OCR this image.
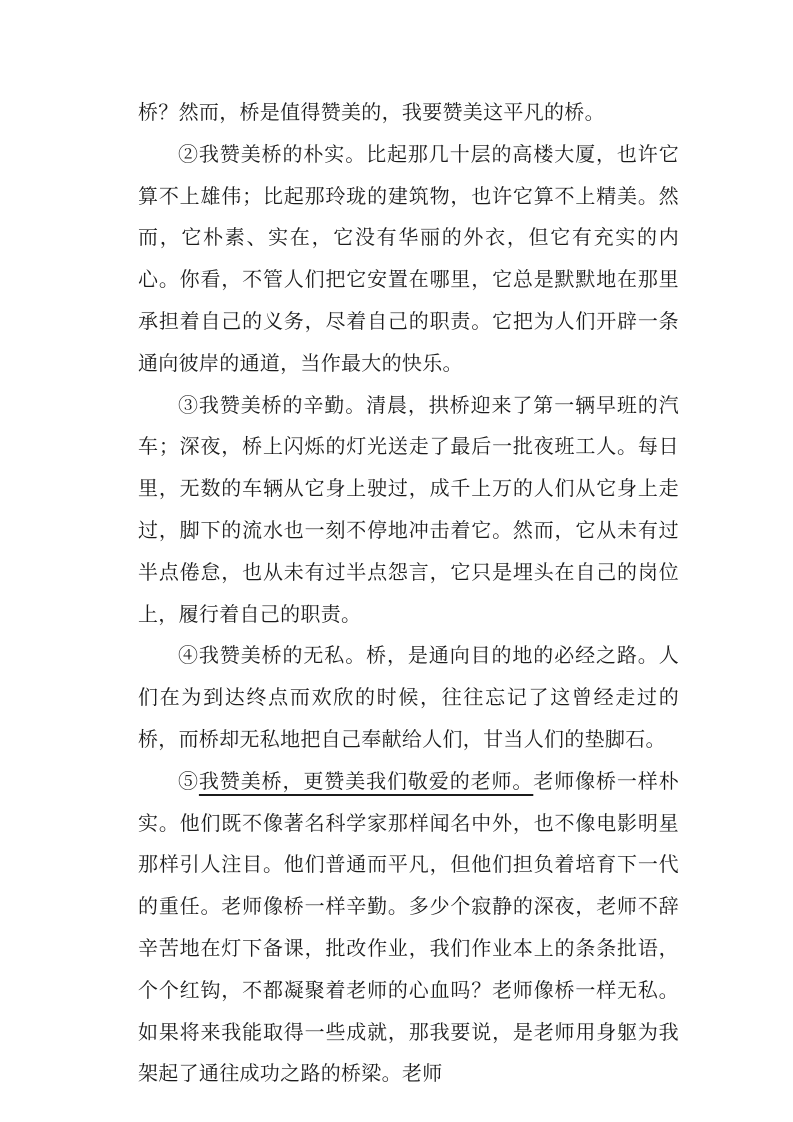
桥？然而，桥是值得赞美的，我要赞美这平凡的桥。

②我赞美桥的朴实。比起那几十层的高楼大厦，也许它算不上雄伟；比起那玲珑的建筑物，也许它算不上精美。然而，它朴素、实在，它没有华丽的外衣，但它有充实的内心。你看，不管人们把它安置在哪里，它总是默默地在那里承担着自己的义务，尽着自己的职责。它把为人们开辟一条通向彼岸的通道，当作最大的快乐。

③我赞美桥的辛勤。清晨，拱桥迎来了第一辆早班的汽车；深夜，桥上闪烁的灯光送走了最后一批夜班工人。每日里，无数的车辆从它身上驶过，成千上万的人们从它身上走过，脚下的流水也一刻不停地冲击着它。然而，它从未有过半点倦怠，也从未有过半点怨言，它只是埋头在自己的岗位上，履行着自己的职责。

④我赞美桥的无私。桥，是通向目的地的必经之路。人们在为到达终点而欢欣的时候，往往忘记了这曾经走过的桥，而桥却无私地把自己奉献给人们，甘当人们的垫脚石。

⑤我赞美桥，更赞美我们敬爱的老师。老师像桥一样朴实。他们既不像著名科学家那样闻名中外，也不像电影明星那样引人注目。他们普通而平凡，但他们担负着培育下一代的重任。老师像桥一样辛勤。多少个寂静的深夜，老师不辞辛苦地在灯下备课，批改作业，我们作业本上的条条批语，个个红钩，不都凝聚着老师的心血吗？老师像桥一样无私。如果将来我能取得一些成就，那我要说，是老师用身躯为我架起了通往成功之路的桥梁。老师
